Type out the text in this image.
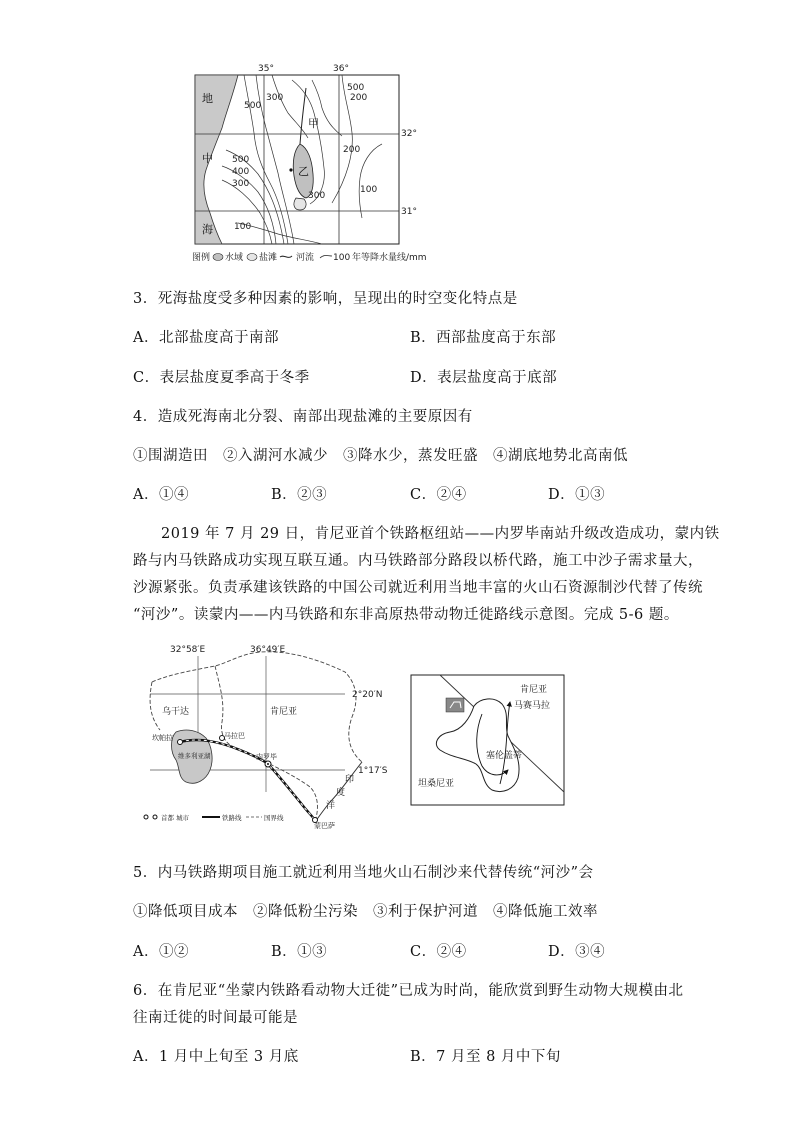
35°	36°
32°
31°
地
中
海
500
300
500
500
400
300
200
100
200
300
100
甲
乙
图例 水域 盐滩 河流 100 年等降水量线/mm
3．死海盐度受多种因素的影响，呈现出的时空变化特点是
A．北部盐度高于南部	B．西部盐度高于东部
C．表层盐度夏季高于冬季	D．表层盐度高于底部
4．造成死海南北分裂、南部出现盐滩的主要原因有
①围湖造田　②入湖河水减少　③降水少，蒸发旺盛　④湖底地势北高南低
A．①④	B．②③	C．②④	D．①③
2019 年 7 月 29 日，肯尼亚首个铁路枢纽站——内罗毕南站升级改造成功，蒙内铁
路与内马铁路成功实现互联互通。内马铁路部分路段以桥代路，施工中沙子需求量大，
沙源紧张。负责承建该铁路的中国公司就近利用当地丰富的火山石资源制沙代替了传统
“河沙”。读蒙内——内马铁路和东非高原热带动物迁徙路线示意图。完成 5-6 题。
32°58′E	36°49′E
2°20′N
1°17′S
乌干达	肯尼亚
坎帕拉	马拉巴
内罗毕
蒙巴萨
维多利亚湖
印
度
洋
首都 城市	铁路线	国界线
肯尼亚
马赛马拉
塞伦盖蒂
坦桑尼亚
5．内马铁路期项目施工就近利用当地火山石制沙来代替传统“河沙”会
①降低项目成本　②降低粉尘污染　③利于保护河道　④降低施工效率
A．①②	B．①③	C．②④	D．③④
6．在肯尼亚“坐蒙内铁路看动物大迁徙”已成为时尚，能欣赏到野生动物大规模由北
往南迁徙的时间最可能是
A．1 月中上旬至 3 月底	B．7 月至 8 月中下旬
